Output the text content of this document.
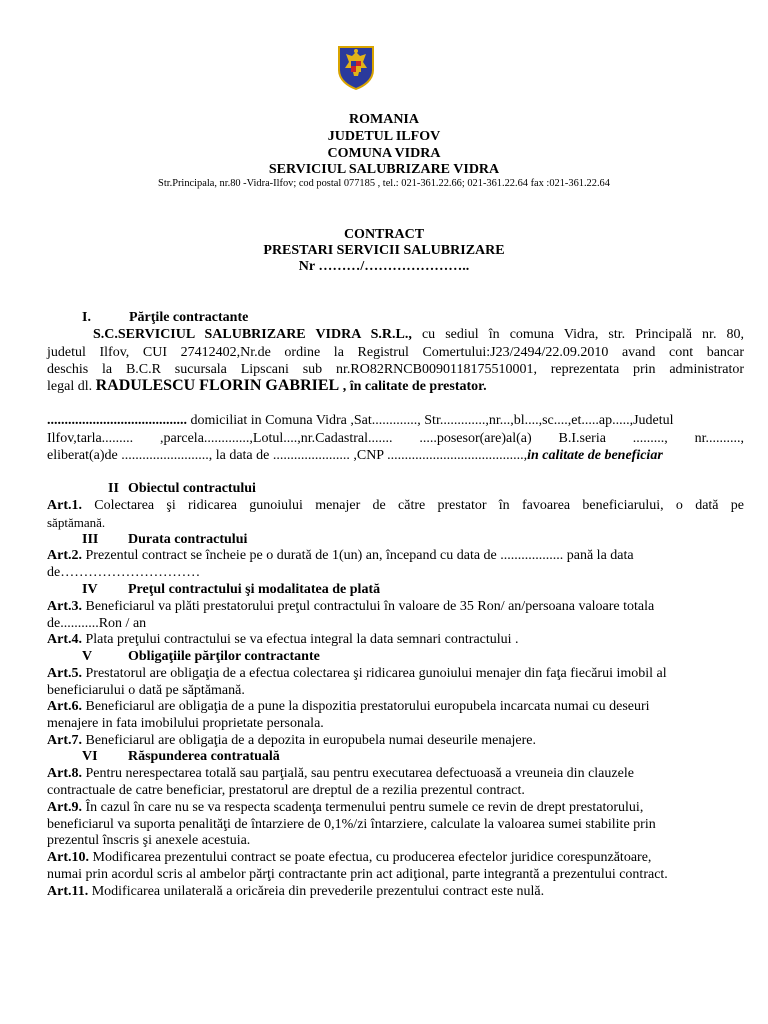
ROMANIA
JUDETUL ILFOV
COMUNA VIDRA
SERVICIUL SALUBRIZARE VIDRA
Str.Principala, nr.80 -Vidra-Ilfov; cod postal 077185 , tel.: 021-361.22.66; 021-361.22.64 fax :021-361.22.64
CONTRACT
PRESTARI SERVICII SALUBRIZARE
Nr ………/…………………..
I.	Părţile contractante
S.C.SERVICIUL SALUBRIZARE VIDRA S.R.L., cu sediul în comuna Vidra, str. Principală nr. 80,
judetul Ilfov, CUI 27412402,Nr.de ordine la Registrul Comertului:J23/2494/22.09.2010 avand cont bancar
deschis la B.C.R sucursala Lipscani sub nr.RO82RNCB0090118175510001, reprezentata prin administrator
legal dl. RADULESCU FLORIN GABRIEL , în calitate de prestator.
........................................ domiciliat in Comuna Vidra ,Sat............., Str.............,nr...,bl....,sc....,et.....ap.....,Judetul
Ilfov,tarla......... ,parcela.............,Lotul....,nr.Cadastral....... .....posesor(are)al(a) B.I.seria ........., nr..........,
eliberat(a)de ........................., la data de ...................... ,CNP .......................................,in calitate de beneficiar
II Obiectul contractului
Art.1. Colectarea şi ridicarea gunoiului menajer de către prestator în favoarea beneficiarului, o dată pe
săptămană.
III Durata contractului
Art.2. Prezentul contract se încheie pe o durată de 1(un) an, începand cu data de .................. pană la data
de…………………………
IV Preţul contractului şi modalitatea de plată
Art.3. Beneficiarul va plăti prestatorului preţul contractului în valoare de 35 Ron/ an/persoana valoare totala
de...........Ron / an
Art.4. Plata preţului contractului se va efectua integral la data semnari contractului .
V	Obligaţiile părţilor contractante
Art.5. Prestatorul are obligaţia de a efectua colectarea şi ridicarea gunoiului menajer din faţa fiecărui imobil al
beneficiarului o dată pe săptămană.
Art.6. Beneficiarul are obligaţia de a pune la dispozitia prestatorului europubela incarcata numai cu deseuri
menajere in fata imobilului proprietate personala.
Art.7. Beneficiarul are obligaţia de a depozita in europubela numai deseurile menajere.
VI Răspunderea contratuală
Art.8. Pentru nerespectarea totală sau parţială, sau pentru executarea defectuoasă a vreuneia din clauzele
contractuale de catre beneficiar, prestatorul are dreptul de a rezilia prezentul contract.
Art.9. În cazul în care nu se va respecta scadenţa termenului pentru sumele ce revin de drept prestatorului,
beneficiarul va suporta penalităţi de întarziere de 0,1%/zi întarziere, calculate la valoarea sumei stabilite prin
prezentul înscris şi anexele acestuia.
Art.10. Modificarea prezentului contract se poate efectua, cu producerea efectelor juridice corespunzătoare,
numai prin acordul scris al ambelor părţi contractante prin act adiţional, parte integrantă a prezentului contract.
Art.11. Modificarea unilaterală a oricăreia din prevederile prezentului contract este nulă.
